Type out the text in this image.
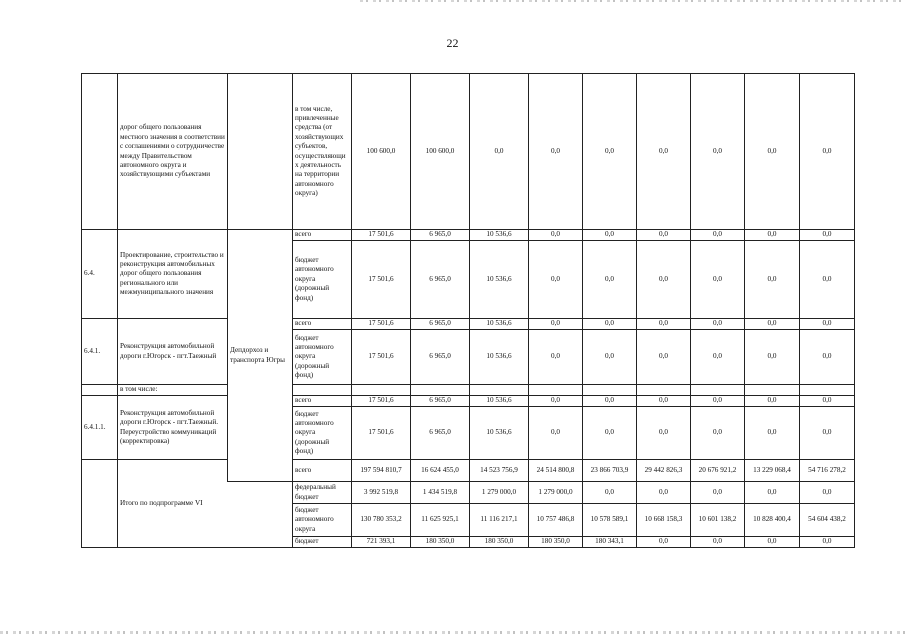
22
	дорог общего пользования местного значения в соответствии с соглашениями о сотрудничестве между Правительством автономного округа и хозяйствующими субъектами		в том числе, привлеченные средства (от хозяйствующих субъектов, осуществляющих деятельность на территории автономного округа)	100 600,0	100 600,0	0,0	0,0	0,0	0,0	0,0	0,0	0,0
6.4.	Проектирование, строительство и реконструкция автомобильных дорог общего пользования регионального или межмуниципального значения	Депдорхоз и транспорта Югры	всего	17 501,6	6 965,0	10 536,6	0,0	0,0	0,0	0,0	0,0	0,0
			бюджет автономного округа (дорожный фонд)	17 501,6	6 965,0	10 536,6	0,0	0,0	0,0	0,0	0,0	0,0
6.4.1.	Реконструкция автомобильной дороги г.Югорск - пгт.Таежный		всего	17 501,6	6 965,0	10 536,6	0,0	0,0	0,0	0,0	0,0	0,0
			бюджет автономного округа (дорожный фонд)	17 501,6	6 965,0	10 536,6	0,0	0,0	0,0	0,0	0,0	0,0
	в том числе:											
6.4.1.1.	Реконструкция автомобильной дороги г.Югорск - пгт.Таежный. Переустройство коммуникаций (корректировка)		всего	17 501,6	6 965,0	10 536,6	0,0	0,0	0,0	0,0	0,0	0,0
			бюджет автономного округа (дорожный фонд)	17 501,6	6 965,0	10 536,6	0,0	0,0	0,0	0,0	0,0	0,0
	Итого по подпрограмме VI		всего	197 594 810,7	16 624 455,0	14 523 756,9	24 514 800,8	23 866 703,9	29 442 826,3	20 676 921,2	13 229 068,4	54 716 278,2
			федеральный бюджет	3 992 519,8	1 434 519,8	1 279 000,0	1 279 000,0	0,0	0,0	0,0	0,0	0,0
			бюджет автономного округа	130 780 353,2	11 625 925,1	11 116 217,1	10 757 486,8	10 578 589,1	10 668 158,3	10 601 138,2	10 828 400,4	54 604 438,2
			бюджет	721 393,1	180 350,0	180 350,0	180 350,0	180 343,1	0,0	0,0	0,0	0,0
